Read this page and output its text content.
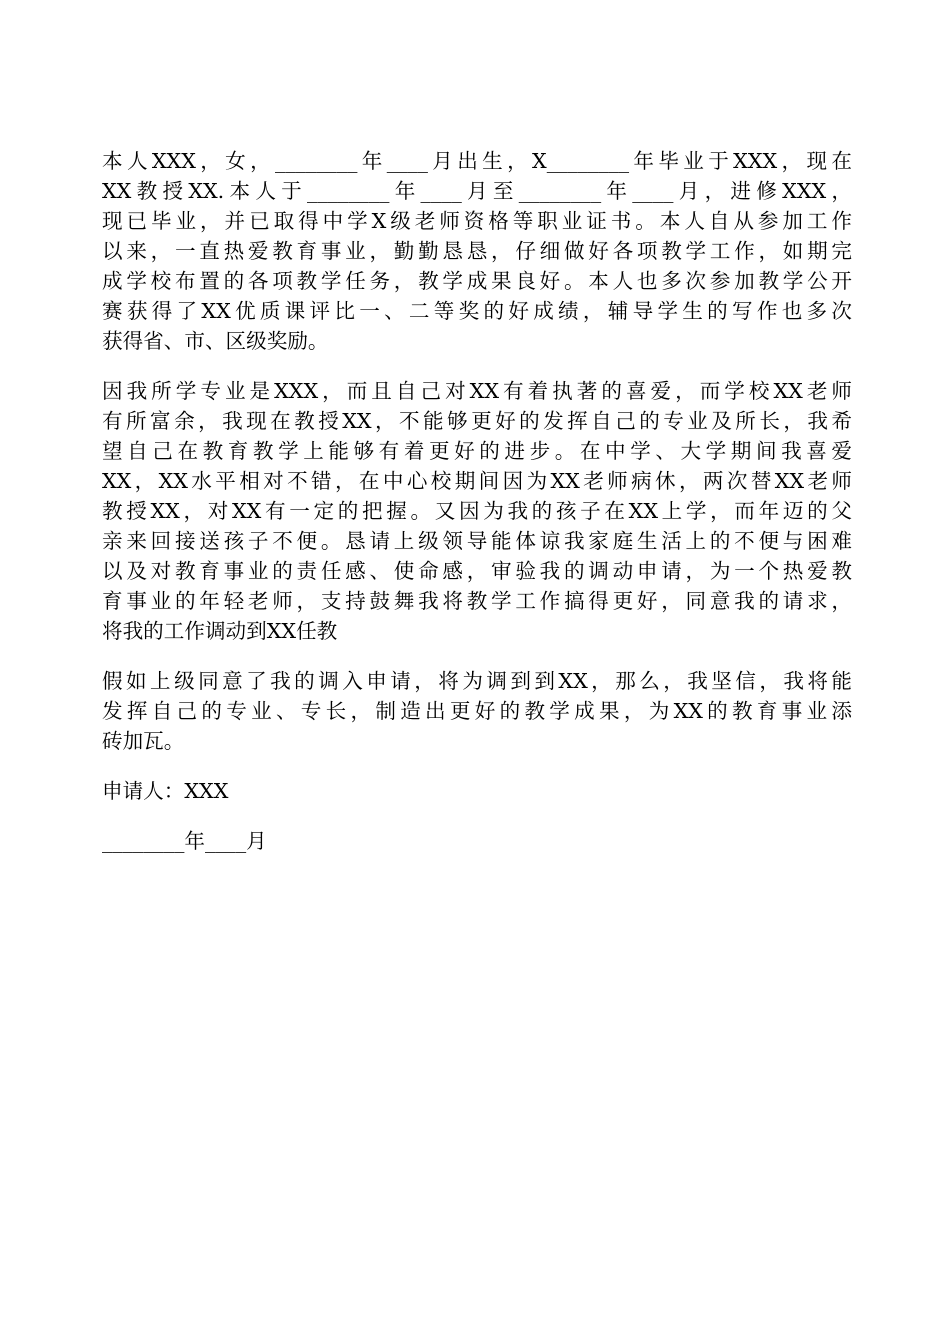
本人XXX，女，________年____月出生，X________年毕业于XXX，现在
XX教授XX.本人于________年____月至________年____月，进修XXX，
现已毕业，并已取得中学X级老师资格等职业证书。本人自从参加工作
以来，一直热爱教育事业，勤勤恳恳，仔细做好各项教学工作，如期完
成学校布置的各项教学任务，教学成果良好。本人也多次参加教学公开
赛获得了XX优质课评比一、二等奖的好成绩，辅导学生的写作也多次
获得省、市、区级奖励。
因我所学专业是XXX，而且自己对XX有着执著的喜爱，而学校XX老师
有所富余，我现在教授XX，不能够更好的发挥自己的专业及所长，我希
望自己在教育教学上能够有着更好的进步。在中学、大学期间我喜爱
XX，XX水平相对不错，在中心校期间因为XX老师病休，两次替XX老师
教授XX，对XX有一定的把握。又因为我的孩子在XX上学，而年迈的父
亲来回接送孩子不便。恳请上级领导能体谅我家庭生活上的不便与困难
以及对教育事业的责任感、使命感，审验我的调动申请，为一个热爱教
育事业的年轻老师，支持鼓舞我将教学工作搞得更好，同意我的请求，
将我的工作调动到XX任教
假如上级同意了我的调入申请，将为调到到XX，那么，我坚信，我将能
发挥自己的专业、专长，制造出更好的教学成果，为XX的教育事业添
砖加瓦。
申请人：XXX
________年____月
